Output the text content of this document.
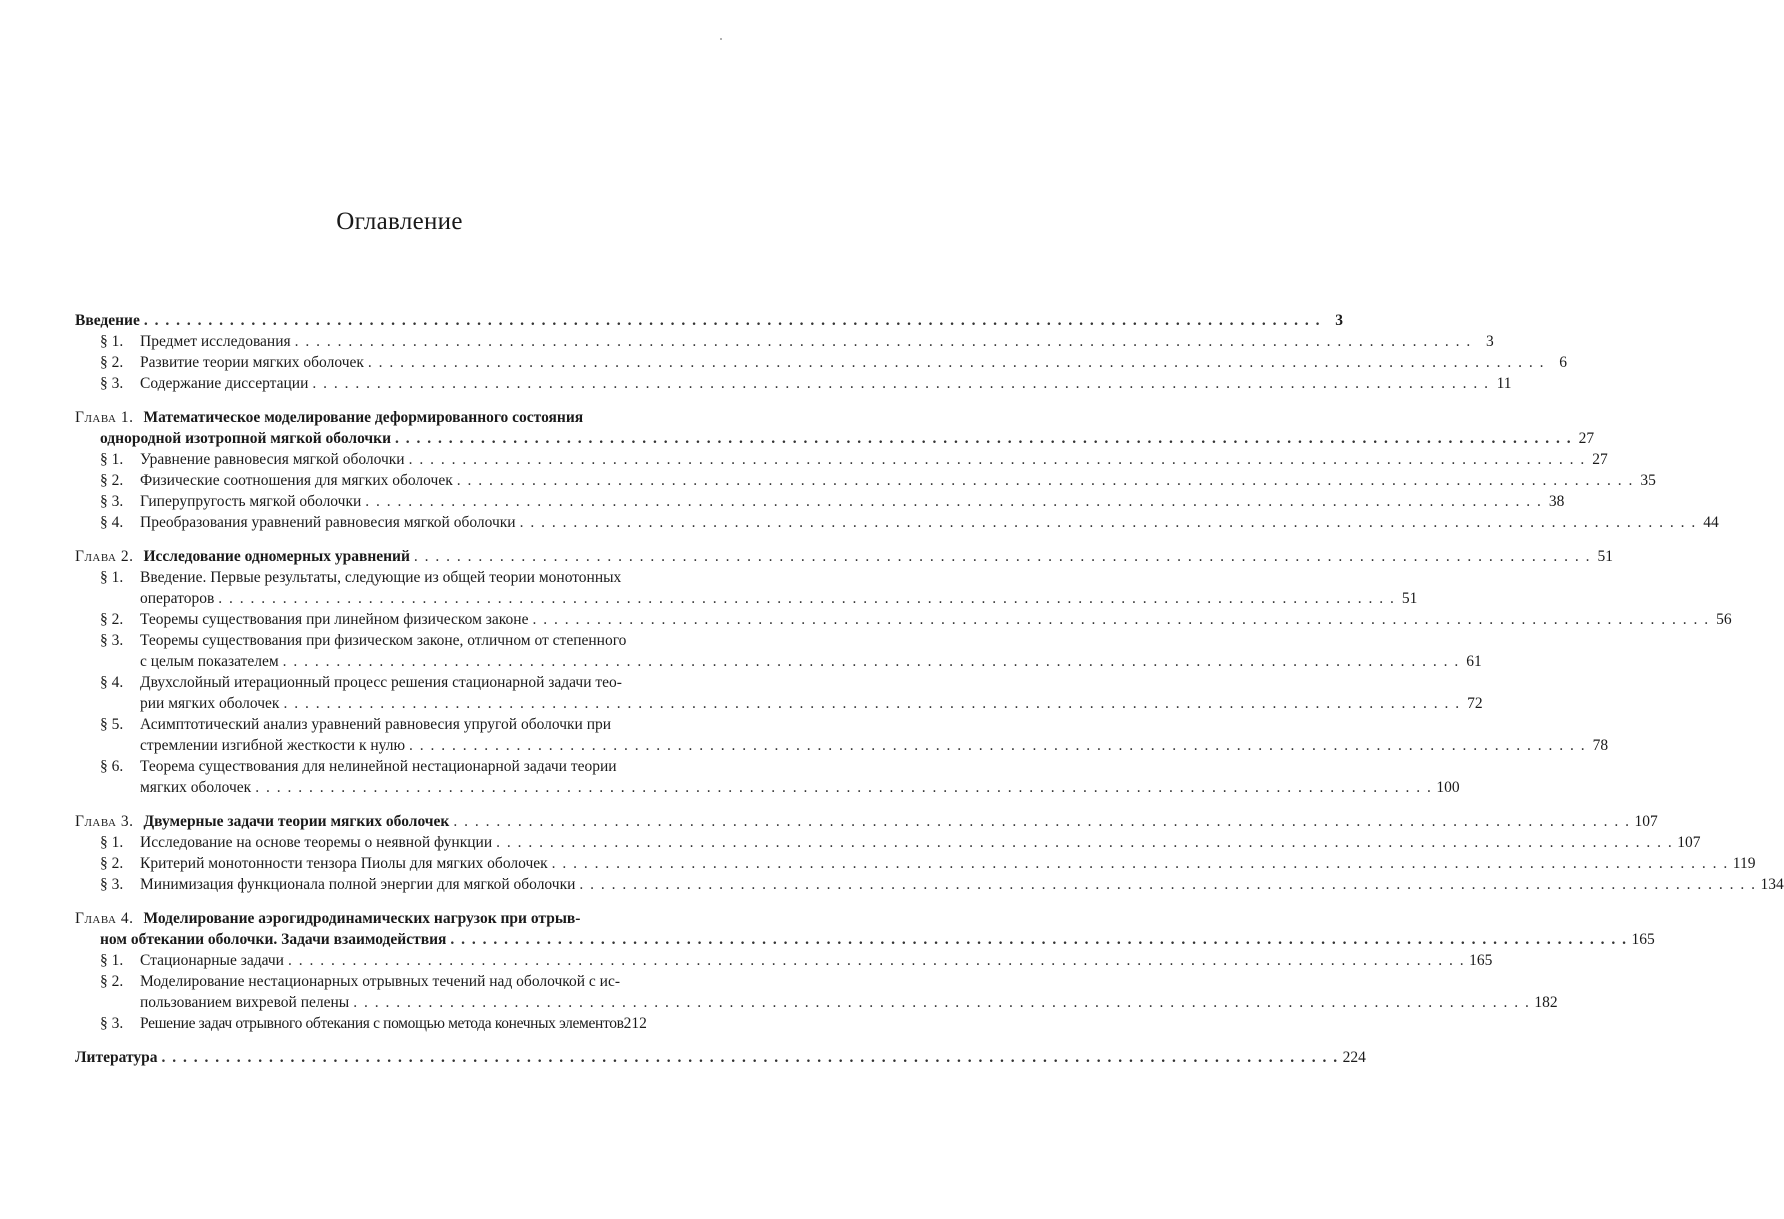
Оглавление
Введение . . .	3
§ 1.	Предмет исследования . . .	3
§ 2.	Развитие теории мягких оболочек . . .	6
§ 3.	Содержание диссертации . . .	11
Глава 1. Математическое моделирование деформированного состояния
однородной изотропной мягкой оболочки . . .	27
§ 1.	Уравнение равновесия мягкой оболочки . . .	27
§ 2.	Физические соотношения для мягких оболочек . . .	35
§ 3.	Гиперупругость мягкой оболочки . . .	38
§ 4.	Преобразования уравнений равновесия мягкой оболочки . . .	44
Глава 2. Исследование одномерных уравнений . . .	51
§ 1.	Введение. Первые результаты, следующие из общей теории монотонных
операторов . . .	51
§ 2.	Теоремы существования при линейном физическом законе . . .	56
§ 3.	Теоремы существования при физическом законе, отличном от степенного
с целым показателем . . .	61
§ 4.	Двухслойный итерационный процесс решения стационарной задачи тео-
рии мягких оболочек . . .	72
§ 5.	Асимптотический анализ уравнений равновесия упругой оболочки при
стремлении изгибной жесткости к нулю . . .	78
§ 6.	Теорема существования для нелинейной нестационарной задачи теории
мягких оболочек . . .	100
Глава 3. Двумерные задачи теории мягких оболочек . . .	107
§ 1.	Исследование на основе теоремы о неявной функции . . .	107
§ 2.	Критерий монотонности тензора Пиолы для мягких оболочек . . .	119
§ 3.	Минимизация функционала полной энергии для мягкой оболочки . . .	134
Глава 4. Моделирование аэрогидродинамических нагрузок при отрыв-
ном обтекании оболочки. Задачи взаимодействия . . .	165
§ 1.	Стационарные задачи . . .	165
§ 2.	Моделирование нестационарных отрывных течений над оболочкой с ис-
пользованием вихревой пелены . . .	182
§ 3.	Решение задач отрывного обтекания с помощью метода конечных элементов 212
Литература . . .	224
